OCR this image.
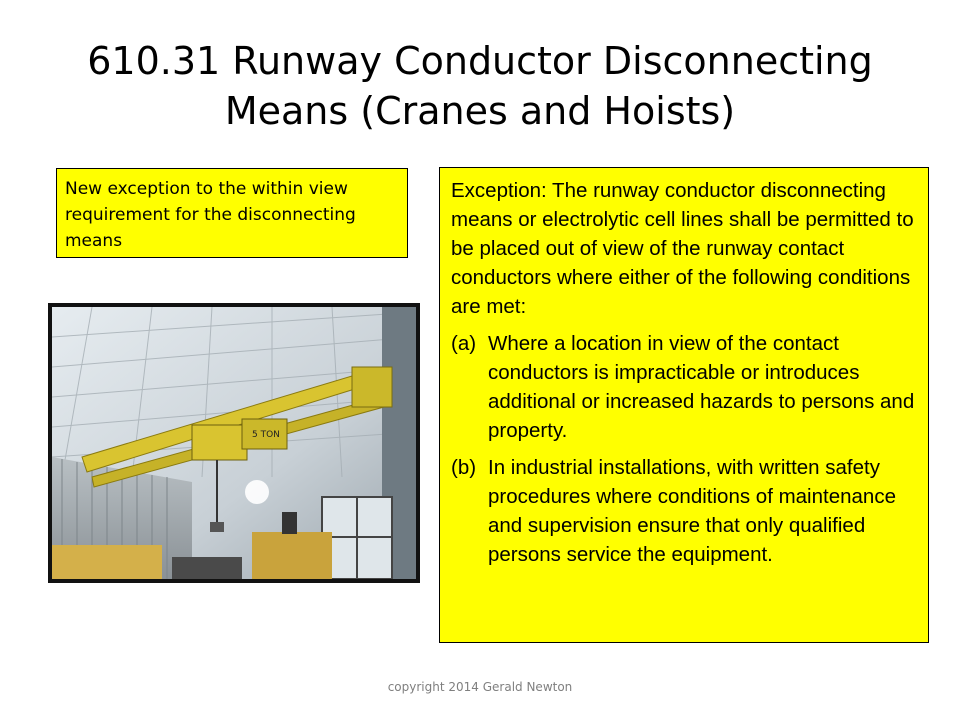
610.31 Runway Conductor Disconnecting Means (Cranes and Hoists)
New exception to the within view requirement for the disconnecting means
5 TON

Exception: The runway conductor disconnecting means or electrolytic cell lines shall be permitted to be placed out of view of the runway contact conductors where either of the following conditions are met:

(a) Where a location in view of the contact conductors is impracticable or introduces additional or increased hazards to persons and property.
(b) In industrial installations, with written safety procedures where conditions of maintenance and supervision ensure that only qualified persons service the equipment.
copyright 2014 Gerald Newton
